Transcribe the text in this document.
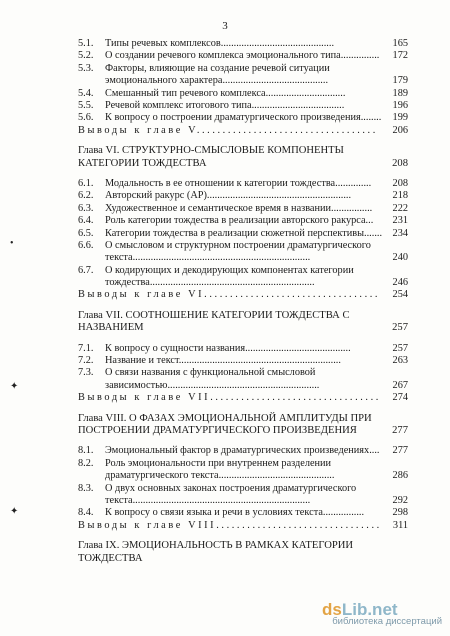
3
•
✦
✦
5.1. Типы речевых комплексов............................................	165
5.2. О создании речевого комплекса эмоционального типа............... 172
5.3. Факторы, влияющие на создание речевой ситуации
эмоционального характера.........................................	179
5.4. Смешанный тип речевого комплекса...............................	189
5.5. Речевой комплекс итогового типа....................................	196
5.6. К вопросу о построении драматургического произведения........ 199
Выводы к главе V................................... 206
Глава VI. СТРУКТУРНО-СМЫСЛОВЫЕ КОМПОНЕНТЫ
КАТЕГОРИИ ТОЖДЕСТВА	208
6.1. Модальность в ее отношении к категории тождества.............. 208
6.2. Авторский ракурс (АР)........................................................	218
6.3. Художественное и семантическое время в названии................ 222
6.4. Роль категории тождества в реализации авторского ракурса... 231
6.5. Категории тождества в реализации сюжетной перспективы....... 234
6.6. О смысловом и структурном построении драматургического
текста.....................................................................	240
6.7. О кодирующих и декодирующих компонентах категории
тождества................................................................	246
Выводы к главе VI.................................. 254
Глава VII. СООТНОШЕНИЕ КАТЕГОРИИ ТОЖДЕСТВА С
НАЗВАНИЕМ	257
7.1. К вопросу о сущности названия.........................................	257
7.2. Название и текст...............................................................	263
7.3. О связи названия с функциональной смысловой
зависимостью...........................................................	267
Выводы к главе VII................................. 274
Глава VIII. О ФАЗАХ ЭМОЦИОНАЛЬНОЙ АМПЛИТУДЫ ПРИ
ПОСТРОЕНИИ ДРАМАТУРГИЧЕСКОГО ПРОИЗВЕДЕНИЯ	277
8.1. Эмоциональный фактор в драматургических произведениях.... 277
8.2. Роль эмоциональности при внутреннем разделении
драматургического текста.............................................	286
8.3. О двух основных законах построения драматургического
текста.....................................................................	292
8.4. К вопросу о связи языка и речи в условиях текста................	298
Выводы к главе VIII................................ 311
Глава IX. ЭМОЦИОНАЛЬНОСТЬ В РАМКАХ КАТЕГОРИИ
ТОЖДЕСТВА
dsLib.net
библиотека диссертаций
